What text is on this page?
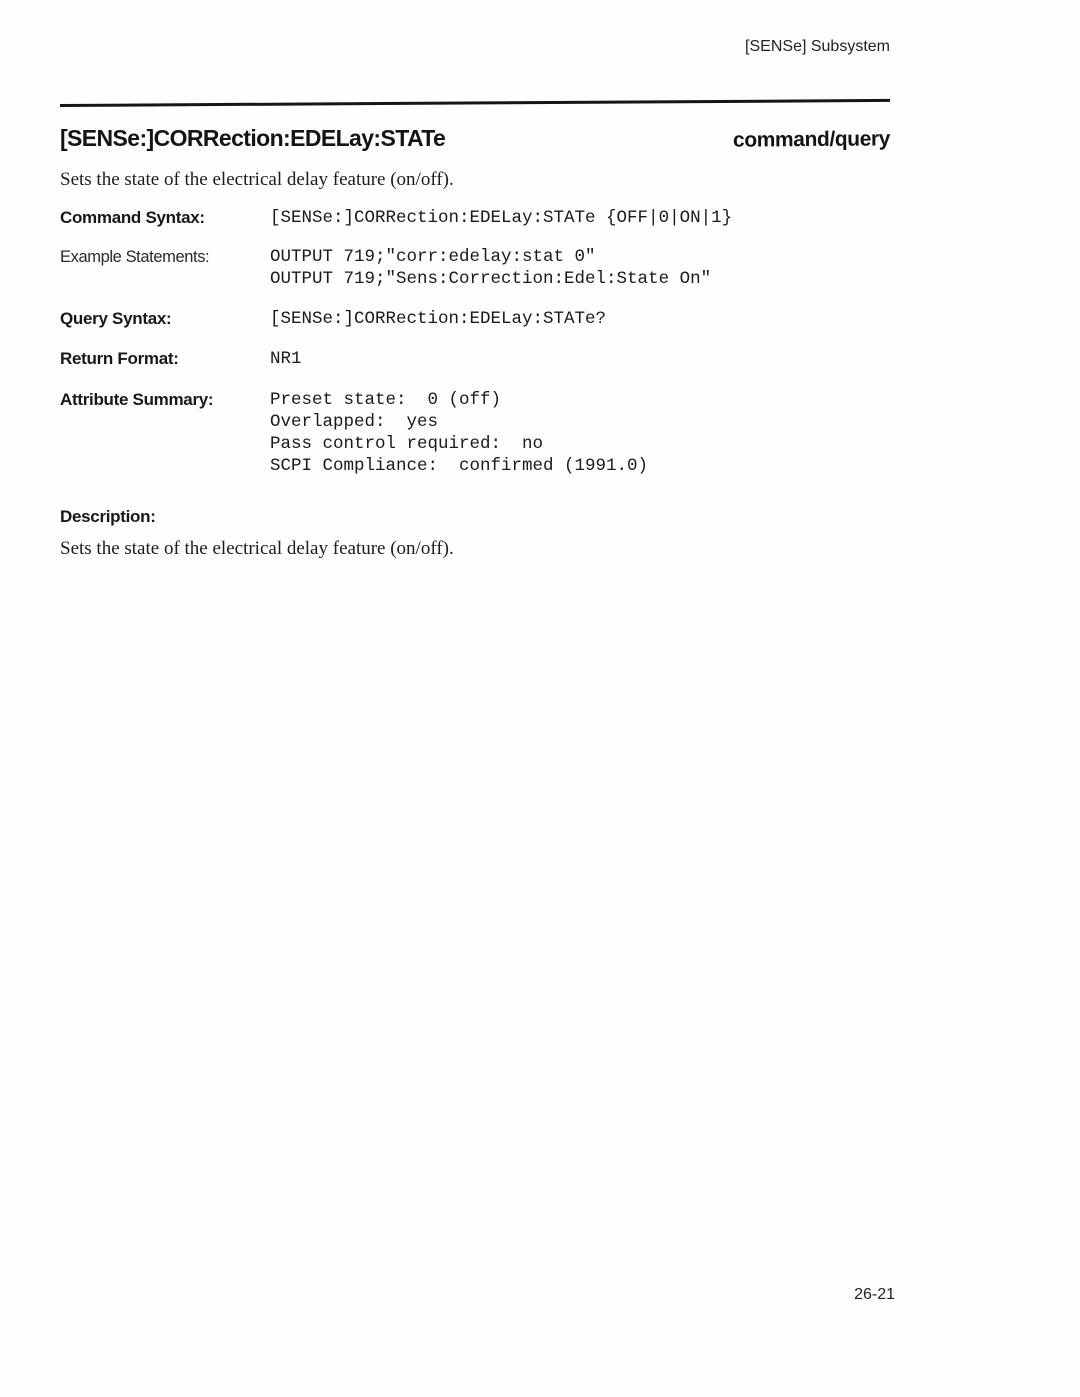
[SENSe] Subsystem
[SENSe:]CORRection:EDELay:STATe	command/query

Sets the state of the electrical delay feature (on/off).

Command Syntax:	[SENSe:]CORRection:EDELay:STATe {OFF|0|ON|1}
Example Statements:	OUTPUT 719;"corr:edelay:stat 0"
OUTPUT 719;"Sens:Correction:Edel:State On"
Query Syntax:	[SENSe:]CORRection:EDELay:STATe?
Return Format:	NR1
Attribute Summary:	Preset state:  0 (off)
Overlapped:  yes
Pass control required:  no
SCPI Compliance:  confirmed (1991.0)
Description:

Sets the state of the electrical delay feature (on/off).

26-21
